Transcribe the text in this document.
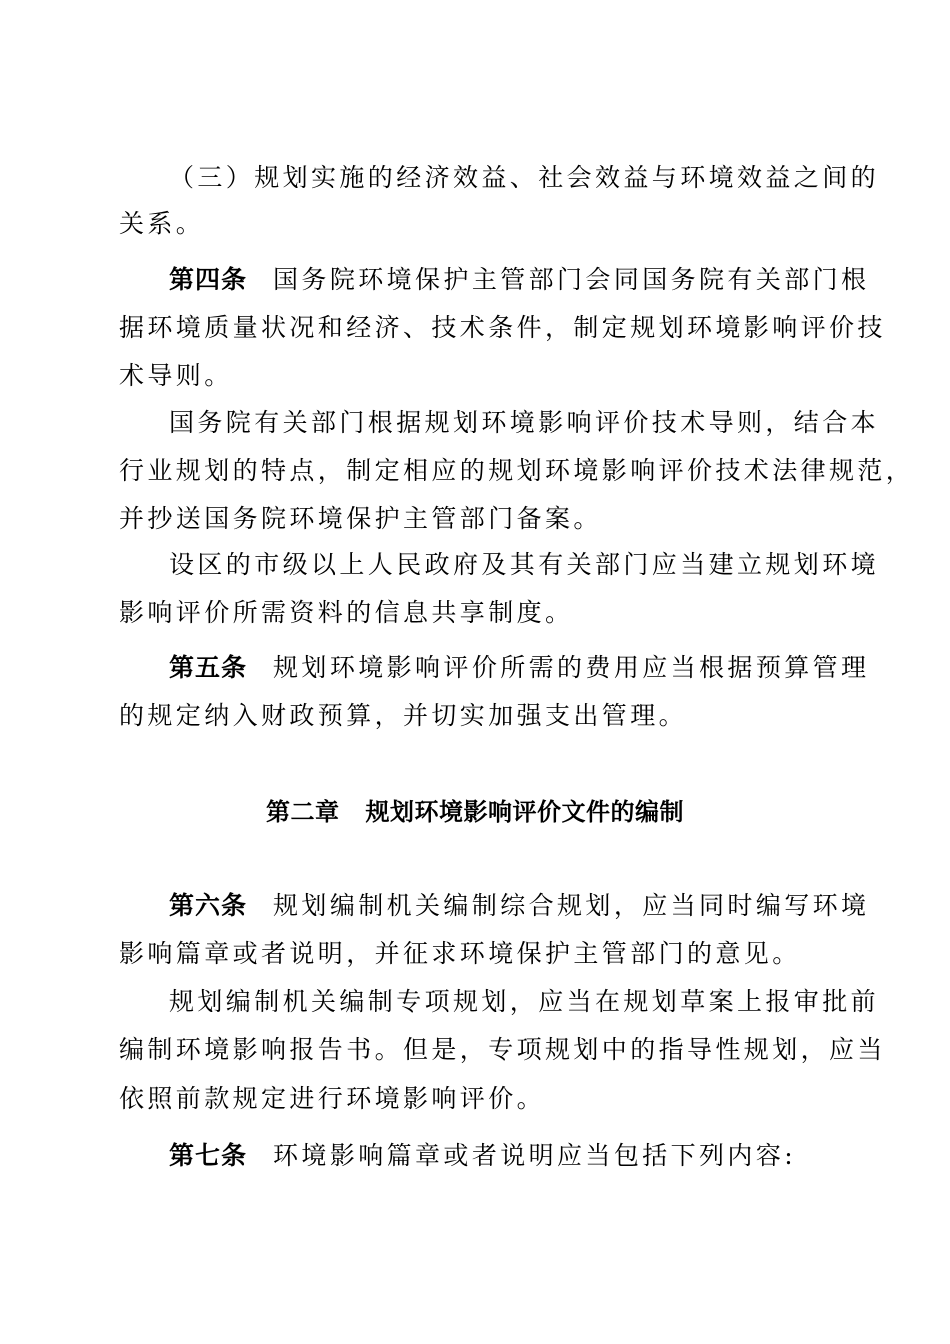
（三）规划实施的经济效益、社会效益与环境效益之间的
关系。
第四条 国务院环境保护主管部门会同国务院有关部门根
据环境质量状况和经济、技术条件，制定规划环境影响评价技
术导则。
国务院有关部门根据规划环境影响评价技术导则，结合本
行业规划的特点，制定相应的规划环境影响评价技术法律规范，
并抄送国务院环境保护主管部门备案。
设区的市级以上人民政府及其有关部门应当建立规划环境
影响评价所需资料的信息共享制度。
第五条 规划环境影响评价所需的费用应当根据预算管理
的规定纳入财政预算，并切实加强支出管理。
第二章 规划环境影响评价文件的编制
第六条 规划编制机关编制综合规划，应当同时编写环境
影响篇章或者说明，并征求环境保护主管部门的意见。
规划编制机关编制专项规划，应当在规划草案上报审批前
编制环境影响报告书。但是，专项规划中的指导性规划，应当
依照前款规定进行环境影响评价。
第七条 环境影响篇章或者说明应当包括下列内容:
